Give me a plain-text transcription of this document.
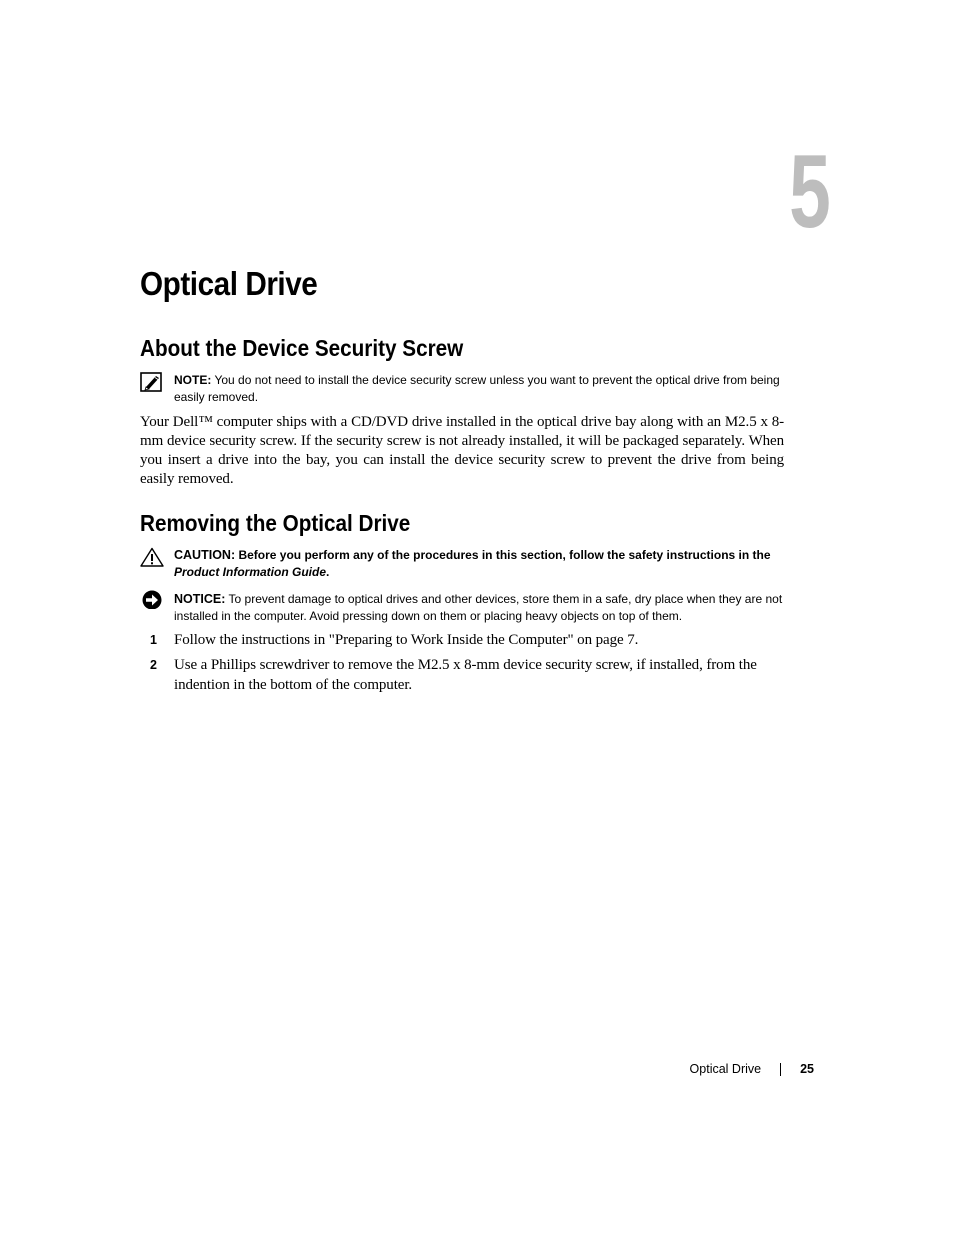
5
Optical Drive
About the Device Security Screw
NOTE: You do not need to install the device security screw unless you want to prevent the optical drive from being easily removed.
Your Dell™ computer ships with a CD/DVD drive installed in the optical drive bay along with an M2.5 x 8-mm device security screw. If the security screw is not already installed, it will be packaged separately. When you insert a drive into the bay, you can install the device security screw to prevent the drive from being easily removed.
Removing the Optical Drive
CAUTION: Before you perform any of the procedures in this section, follow the safety instructions in the Product Information Guide.
NOTICE: To prevent damage to optical drives and other devices, store them in a safe, dry place when they are not installed in the computer. Avoid pressing down on them or placing heavy objects on top of them.
1 Follow the instructions in "Preparing to Work Inside the Computer" on page 7.
2 Use a Phillips screwdriver to remove the M2.5 x 8-mm device security screw, if installed, from the indention in the bottom of the computer.
Optical Drive	25
